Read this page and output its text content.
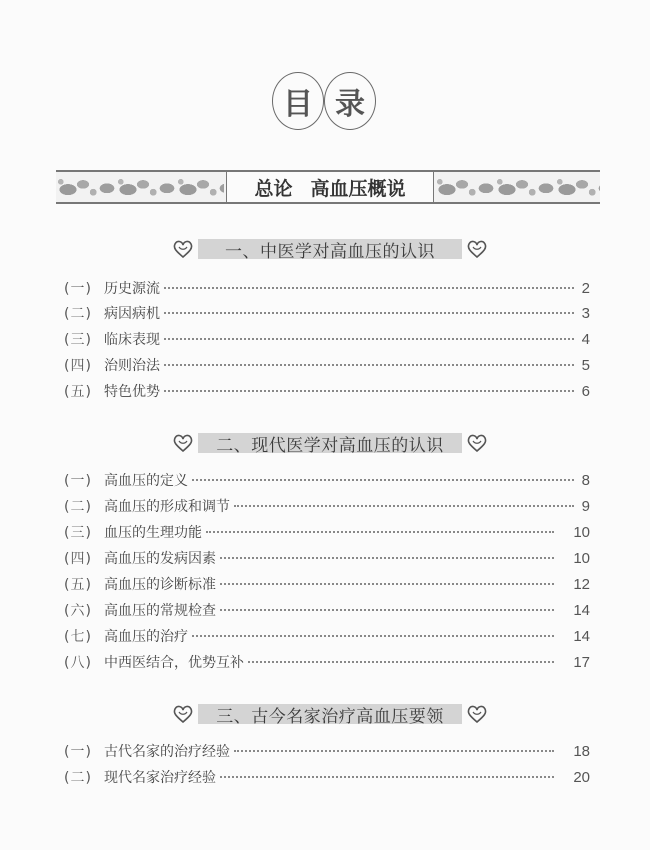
目 录
总论 高血压概说
一、中医学对高血压的认识
(一) 历史源流	2
(二) 病因病机	3
(三) 临床表现	4
(四) 治则治法	5
(五) 特色优势	6
二、现代医学对高血压的认识
(一) 高血压的定义	8
(二) 高血压的形成和调节	9
(三) 血压的生理功能	10
(四) 高血压的发病因素	10
(五) 高血压的诊断标准	12
(六) 高血压的常规检查	14
(七) 高血压的治疗	14
(八) 中西医结合，优势互补	17
三、古今名家治疗高血压要领
(一) 古代名家的治疗经验	18
(二) 现代名家治疗经验	20
